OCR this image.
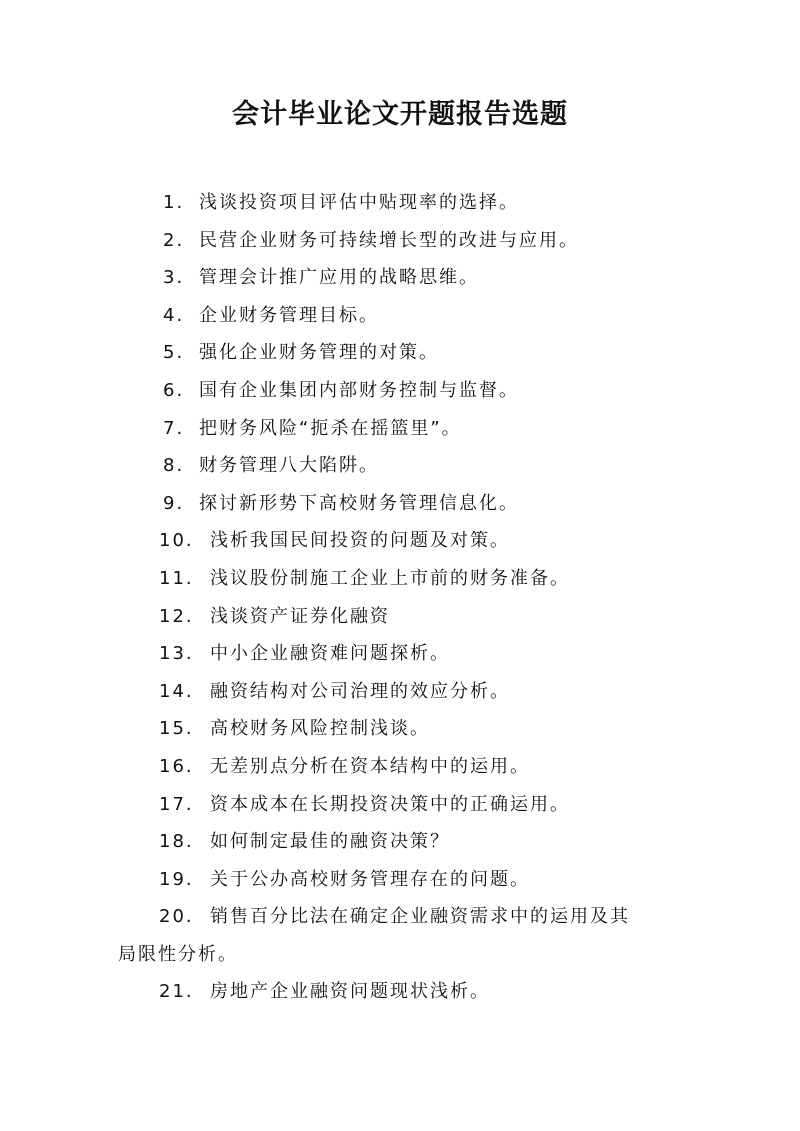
会计毕业论文开题报告选题
1. 浅谈投资项目评估中贴现率的选择。
2. 民营企业财务可持续增长型的改进与应用。
3. 管理会计推广应用的战略思维。
4. 企业财务管理目标。
5. 强化企业财务管理的对策。
6. 国有企业集团内部财务控制与监督。
7. 把财务风险“扼杀在摇篮里”。
8. 财务管理八大陷阱。
9. 探讨新形势下高校财务管理信息化。
10. 浅析我国民间投资的问题及对策。
11. 浅议股份制施工企业上市前的财务准备。
12. 浅谈资产证券化融资
13. 中小企业融资难问题探析。
14. 融资结构对公司治理的效应分析。
15. 高校财务风险控制浅谈。
16. 无差别点分析在资本结构中的运用。
17. 资本成本在长期投资决策中的正确运用。
18. 如何制定最佳的融资决策？
19. 关于公办高校财务管理存在的问题。
20. 销售百分比法在确定企业融资需求中的运用及其
局限性分析。
21. 房地产企业融资问题现状浅析。
